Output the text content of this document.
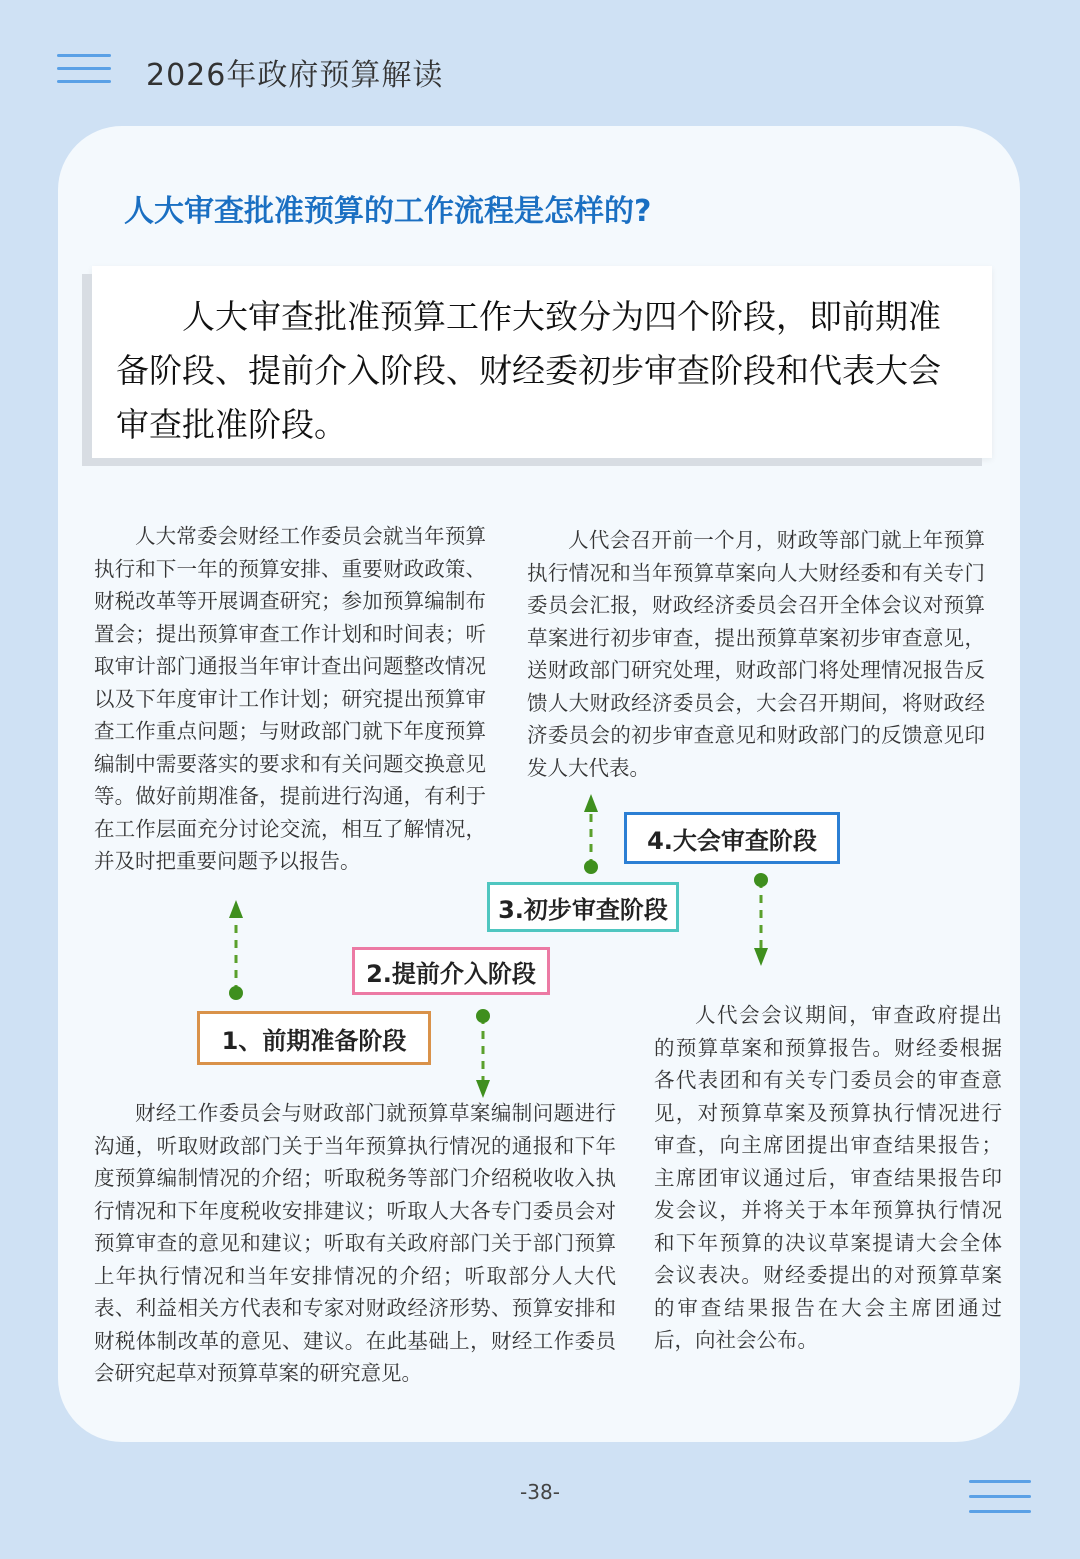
2026年政府预算解读
人大审查批准预算的工作流程是怎样的?

人大审查批准预算工作大致分为四个阶段，即前期准备阶段、提前介入阶段、财经委初步审查阶段和代表大会审查批准阶段。

人大常委会财经工作委员会就当年预算执行和下一年的预算安排、重要财政政策、财税改革等开展调查研究；参加预算编制布置会；提出预算审查工作计划和时间表；听取审计部门通报当年审计查出问题整改情况以及下年度审计工作计划；研究提出预算审查工作重点问题；与财政部门就下年度预算编制中需要落实的要求和有关问题交换意见等。做好前期准备，提前进行沟通，有利于在工作层面充分讨论交流，相互了解情况，并及时把重要问题予以报告。

人代会召开前一个月，财政等部门就上年预算执行情况和当年预算草案向人大财经委和有关专门委员会汇报，财政经济委员会召开全体会议对预算草案进行初步审查，提出预算草案初步审查意见，送财政部门研究处理，财政部门将处理情况报告反馈人大财政经济委员会，大会召开期间，将财政经济委员会的初步审查意见和财政部门的反馈意见印发人大代表。

财经工作委员会与财政部门就预算草案编制问题进行沟通，听取财政部门关于当年预算执行情况的通报和下年度预算编制情况的介绍；听取税务等部门介绍税收收入执行情况和下年度税收安排建议；听取人大各专门委员会对预算审查的意见和建议；听取有关政府部门关于部门预算上年执行情况和当年安排情况的介绍；听取部分人大代表、利益相关方代表和专家对财政经济形势、预算安排和财税体制改革的意见、建议。在此基础上，财经工作委员会研究起草对预算草案的研究意见。

人代会会议期间，审查政府提出的预算草案和预算报告。财经委根据各代表团和有关专门委员会的审查意见，对预算草案及预算执行情况进行审查，向主席团提出审查结果报告；主席团审议通过后，审查结果报告印发会议，并将关于本年预算执行情况和下年预算的决议草案提请大会全体会议表决。财经委提出的对预算草案的审查结果报告在大会主席团通过后，向社会公布。

1、前期准备阶段
2.提前介入阶段
3.初步审查阶段
4.大会审查阶段
-38-
